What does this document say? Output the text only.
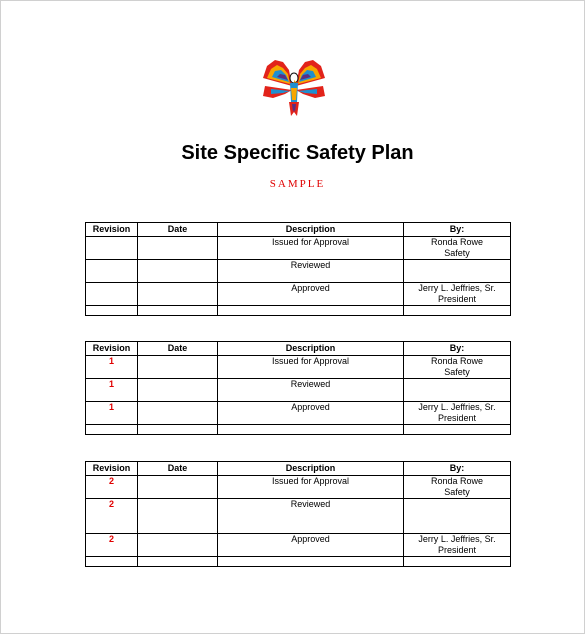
Site Specific Safety Plan
SAMPLE
Revision	Date	Description	By:
		Issued for Approval	Ronda Rowe
Safety

		Reviewed	

		Approved	Jerry L. Jeffries, Sr.
President

Revision	Date	Description	By:
1		Issued for Approval	Ronda Rowe
Safety

1		Reviewed	

1		Approved	Jerry L. Jeffries, Sr.
President

Revision	Date	Description	By:
2		Issued for Approval	Ronda Rowe
Safety

2		Reviewed	

2		Approved	Jerry L. Jeffries, Sr.
President
